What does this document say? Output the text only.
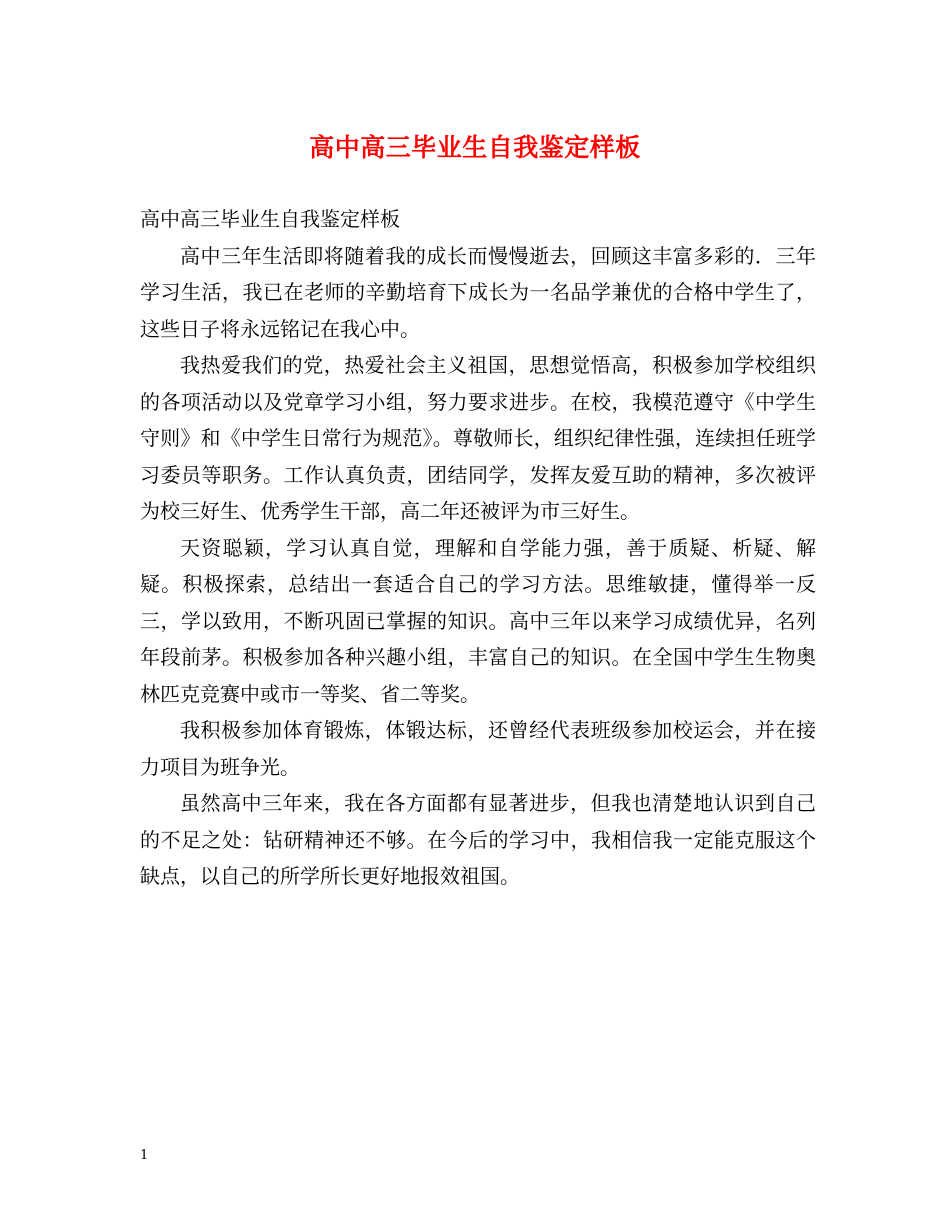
高中高三毕业生自我鉴定样板

高中高三毕业生自我鉴定样板

高中三年生活即将随着我的成长而慢慢逝去，回顾这丰富多彩的．三年学习生活，我已在老师的辛勤培育下成长为一名品学兼优的合格中学生了，这些日子将永远铭记在我心中。

我热爱我们的党，热爱社会主义祖国，思想觉悟高，积极参加学校组织的各项活动以及党章学习小组，努力要求进步。在校，我模范遵守《中学生守则》和《中学生日常行为规范》。尊敬师长，组织纪律性强，连续担任班学习委员等职务。工作认真负责，团结同学，发挥友爱互助的精神，多次被评为校三好生、优秀学生干部，高二年还被评为市三好生。

天资聪颖，学习认真自觉，理解和自学能力强，善于质疑、析疑、解疑。积极探索，总结出一套适合自己的学习方法。思维敏捷，懂得举一反三，学以致用，不断巩固已掌握的知识。高中三年以来学习成绩优异，名列年段前茅。积极参加各种兴趣小组，丰富自己的知识。在全国中学生生物奥林匹克竞赛中或市一等奖、省二等奖。

我积极参加体育锻炼，体锻达标，还曾经代表班级参加校运会，并在接力项目为班争光。

虽然高中三年来，我在各方面都有显著进步，但我也清楚地认识到自己的不足之处：钻研精神还不够。在今后的学习中，我相信我一定能克服这个缺点，以自己的所学所长更好地报效祖国。

1
